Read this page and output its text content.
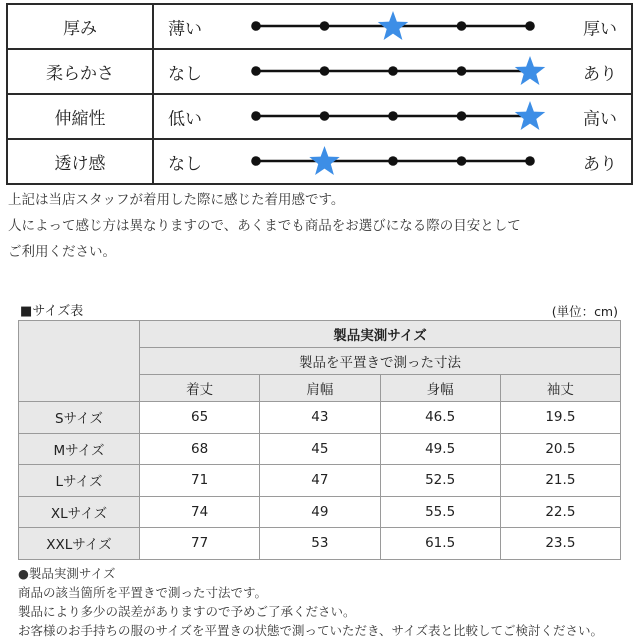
厚み	薄い 厚い

柔らかさ	なし あり

伸縮性	低い 高い

透け感	なし あり
上記は当店スタッフが着用した際に感じた着用感です。
人によって感じ方は異なりますので、あくまでも商品をお選びになる際の目安として
ご利用ください。
■サイズ表	(単位：cm)
	製品実測サイズ			
	製品を平置きで測った寸法			
	着丈	肩幅	身幅	袖丈
Sサイズ	65	43	46.5	19.5
Mサイズ	68	45	49.5	20.5
Lサイズ	71	47	52.5	21.5
XLサイズ	74	49	55.5	22.5
XXLサイズ	77	53	61.5	23.5
●製品実測サイズ
商品の該当箇所を平置きで測った寸法です。
製品により多少の誤差がありますので予めご了承ください。
お客様のお手持ちの服のサイズを平置きの状態で測っていただき、サイズ表と比較してご検討ください。
